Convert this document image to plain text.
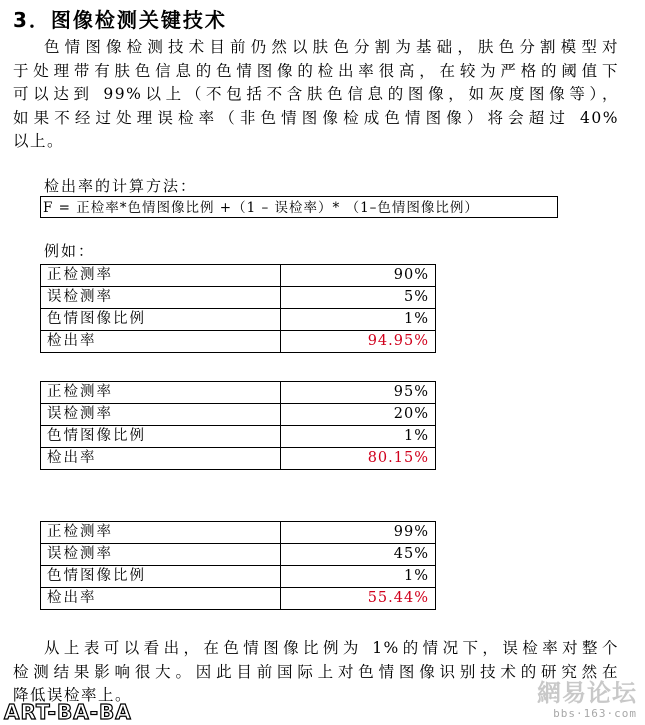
3．图像检测关键技术
色情图像检测技术目前仍然以肤色分割为基础，肤色分割模型对
于处理带有肤色信息的色情图像的检出率很高，在较为严格的阈值下
可以达到 99%以上（不包括不含肤色信息的图像，如灰度图像等），
如果不经过处理误检率（非色情图像检成色情图像）将会超过 40%
以上。
检出率的计算方法：
F = 正检率*色情图像比例 +（1 – 误检率）* （1–色情图像比例）
例如：
正检测率	90%
误检测率	5%
色情图像比例	1%
检出率	94.95%
正检测率	95%
误检测率	20%
色情图像比例	1%
检出率	80.15%
正检测率	99%
误检测率	45%
色情图像比例	1%
检出率	55.44%
从上表可以看出，在色情图像比例为 1%的情况下，误检率对整个
检测结果影响很大。因此目前国际上对色情图像识别技术的研究然在
降低误检率上。	網易论坛
bbs·163·com
ART-BA-BA
